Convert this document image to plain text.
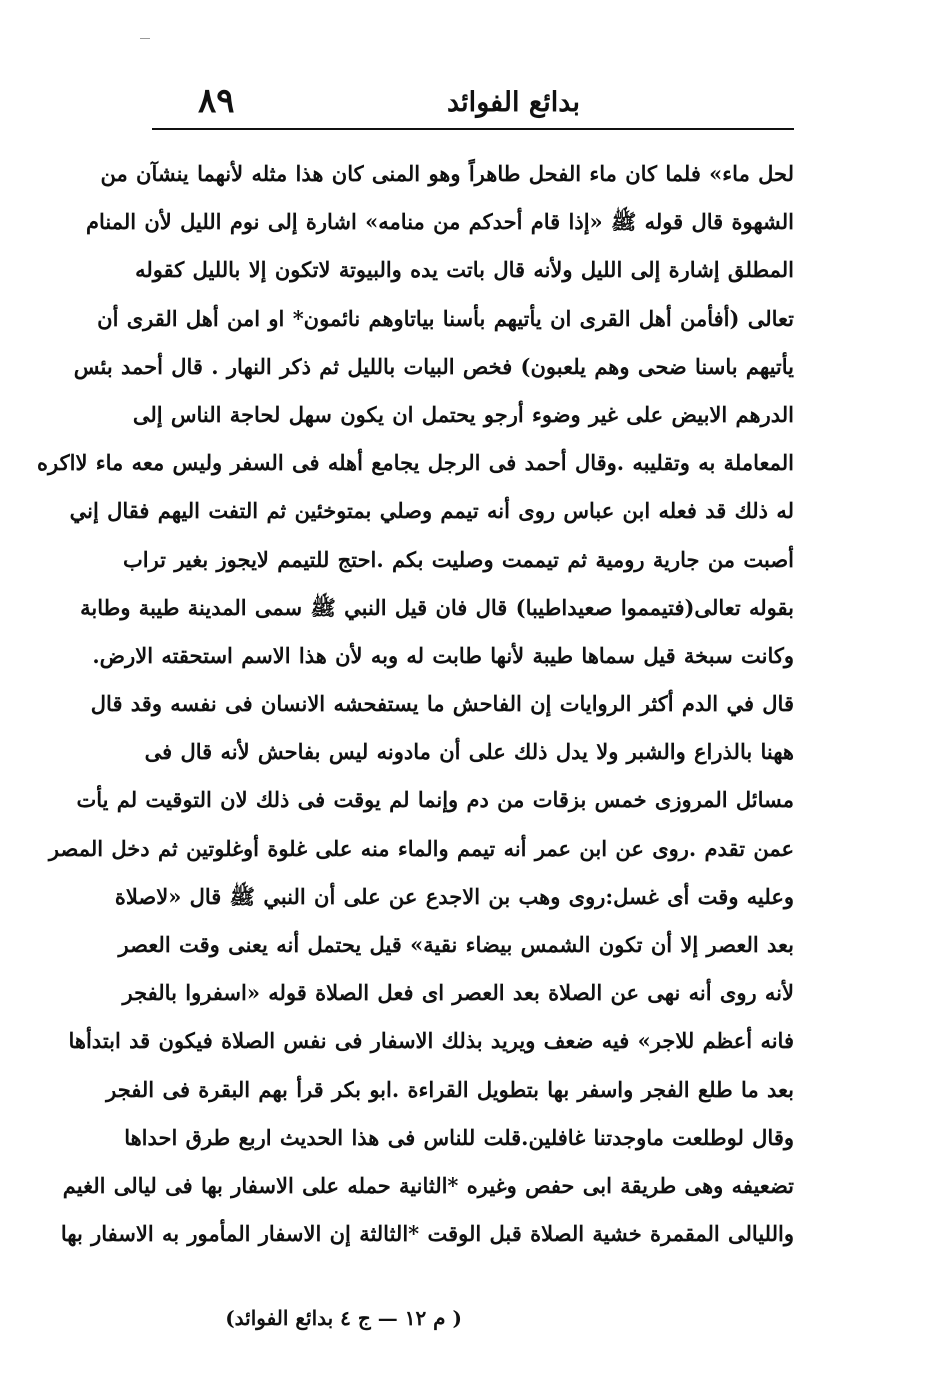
بدائع الفوائد
٨٩
لحل ماء» فلما كان ماء الفحل طاهراً وهو المنى كان هذا مثله لأنهما ينشآن من
الشهوة قال قوله ﷺ «إذا قام أحدكم من منامه» اشارة إلى نوم الليل لأن المنام
المطلق إشارة إلى الليل ولأنه قال باتت يده والبيوتة لاتكون إلا بالليل كقوله
تعالى (أفأمن أهل القرى ان يأتيهم بأسنا بياتاوهم نائمون* او امن أهل القرى أن
يأتيهم باسنا ضحى وهم يلعبون) فخص البيات بالليل ثم ذكر النهار . قال أحمد بئس
الدرهم الابيض على غير وضوء أرجو يحتمل ان يكون سهل لحاجة الناس إلى
المعاملة به وتقليبه .وقال أحمد فى الرجل يجامع أهله فى السفر وليس معه ماء لااكره
له ذلك قد فعله ابن عباس روى أنه تيمم وصلي بمتوخئين ثم التفت اليهم فقال إني
أصبت من جارية رومية ثم تيممت وصليت بكم .احتج للتيمم لايجوز بغير تراب
بقوله تعالى(فتيمموا صعيداطيبا) قال فان قيل النبي ﷺ سمى المدينة طيبة وطابة
وكانت سبخة قيل سماها طيبة لأنها طابت له وبه لأن هذا الاسم استحقته الارض.
قال في الدم أكثر الروايات إن الفاحش ما يستفحشه الانسان فى نفسه وقد قال
ههنا بالذراع والشبر ولا يدل ذلك على أن مادونه ليس بفاحش لأنه قال فى
مسائل المروزى خمس بزقات من دم وإنما لم يوقت فى ذلك لان التوقيت لم يأت
عمن تقدم .روى عن ابن عمر أنه تيمم والماء منه على غلوة أوغلوتين ثم دخل المصر
وعليه وقت أى غسل:روى وهب بن الاجدع عن على أن النبي ﷺ قال «لاصلاة
بعد العصر إلا أن تكون الشمس بيضاء نقية» قيل يحتمل أنه يعنى وقت العصر
لأنه روى أنه نهى عن الصلاة بعد العصر اى فعل الصلاة قوله «اسفروا بالفجر
فانه أعظم للاجر» فيه ضعف ويريد بذلك الاسفار فى نفس الصلاة فيكون قد ابتدأها
بعد ما طلع الفجر واسفر بها بتطويل القراءة .ابو بكر قرأ بهم البقرة فى الفجر
وقال لوطلعت ماوجدتنا غافلين.قلت للناس فى هذا الحديث اربع طرق احداها
تضعيفه وهى طريقة ابى حفص وغيره *الثانية حمله على الاسفار بها فى ليالى الغيم
والليالى المقمرة خشية الصلاة قبل الوقت *الثالثة إن الاسفار المأمور به الاسفار بها
( م ١٢ — ج ٤ بدائع الفوائد)
